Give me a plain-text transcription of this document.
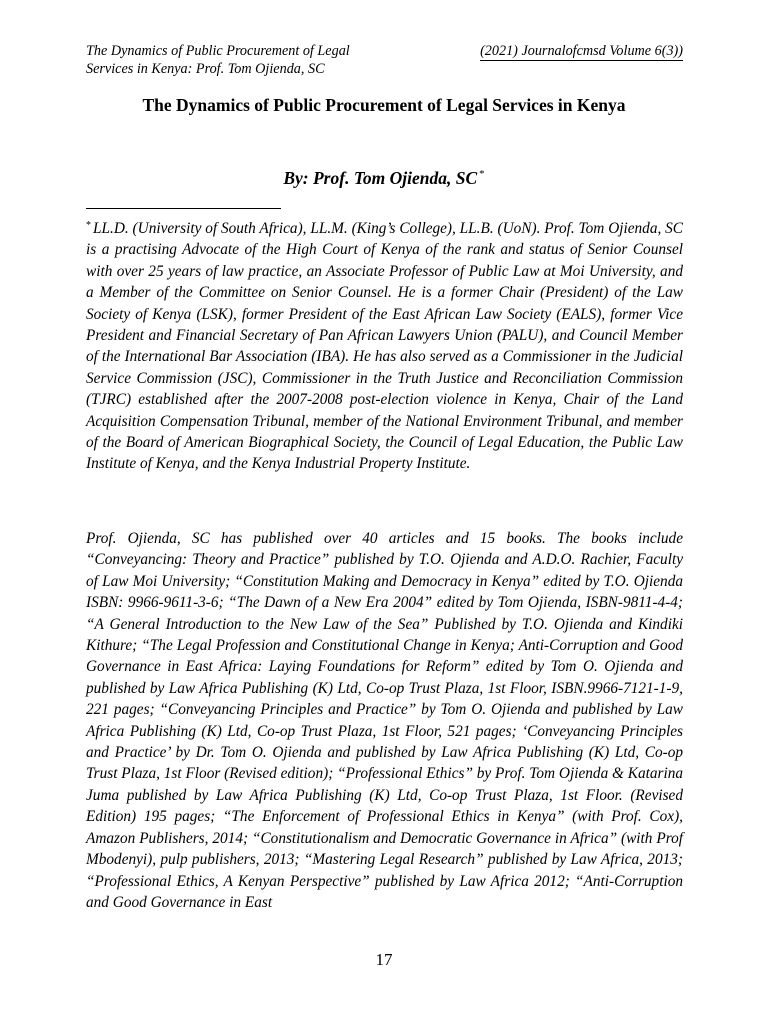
The Dynamics of Public Procurement of Legal
Services in Kenya: Prof. Tom Ojienda, SC
(2021) Journalofcmsd Volume 6(3))
The Dynamics of Public Procurement of Legal Services in Kenya
By: Prof. Tom Ojienda, SC *
* LL.D. (University of South Africa), LL.M. (King’s College), LL.B. (UoN). Prof. Tom Ojienda, SC is a practising Advocate of the High Court of Kenya of the rank and status of Senior Counsel with over 25 years of law practice, an Associate Professor of Public Law at Moi University, and a Member of the Committee on Senior Counsel. He is a former Chair (President) of the Law Society of Kenya (LSK), former President of the East African Law Society (EALS), former Vice President and Financial Secretary of Pan African Lawyers Union (PALU), and Council Member of the International Bar Association (IBA). He has also served as a Commissioner in the Judicial Service Commission (JSC), Commissioner in the Truth Justice and Reconciliation Commission (TJRC) established after the 2007-2008 post-election violence in Kenya, Chair of the Land Acquisition Compensation Tribunal, member of the National Environment Tribunal, and member of the Board of American Biographical Society, the Council of Legal Education, the Public Law Institute of Kenya, and the Kenya Industrial Property Institute.
Prof. Ojienda, SC has published over 40 articles and 15 books. The books include “Conveyancing: Theory and Practice” published by T.O. Ojienda and A.D.O. Rachier, Faculty of Law Moi University; “Constitution Making and Democracy in Kenya” edited by T.O. Ojienda ISBN: 9966-9611-3-6; “The Dawn of a New Era 2004” edited by Tom Ojienda, ISBN-9811-4-4; “A General Introduction to the New Law of the Sea” Published by T.O. Ojienda and Kindiki Kithure; “The Legal Profession and Constitutional Change in Kenya; Anti-Corruption and Good Governance in East Africa: Laying Foundations for Reform” edited by Tom O. Ojienda and published by Law Africa Publishing (K) Ltd, Co-op Trust Plaza, 1st Floor, ISBN.9966-7121-1-9, 221 pages; “Conveyancing Principles and Practice” by Tom O. Ojienda and published by Law Africa Publishing (K) Ltd, Co-op Trust Plaza, 1st Floor, 521 pages; ‘Conveyancing Principles and Practice’ by Dr. Tom O. Ojienda and published by Law Africa Publishing (K) Ltd, Co-op Trust Plaza, 1st Floor (Revised edition); “Professional Ethics” by Prof. Tom Ojienda & Katarina Juma published by Law Africa Publishing (K) Ltd, Co-op Trust Plaza, 1st Floor. (Revised Edition) 195 pages; “The Enforcement of Professional Ethics in Kenya” (with Prof. Cox), Amazon Publishers, 2014; “Constitutionalism and Democratic Governance in Africa” (with Prof Mbodenyi), pulp publishers, 2013; “Mastering Legal Research” published by Law Africa, 2013; “Professional Ethics, A Kenyan Perspective” published by Law Africa 2012; “Anti-Corruption and Good Governance in East
17
